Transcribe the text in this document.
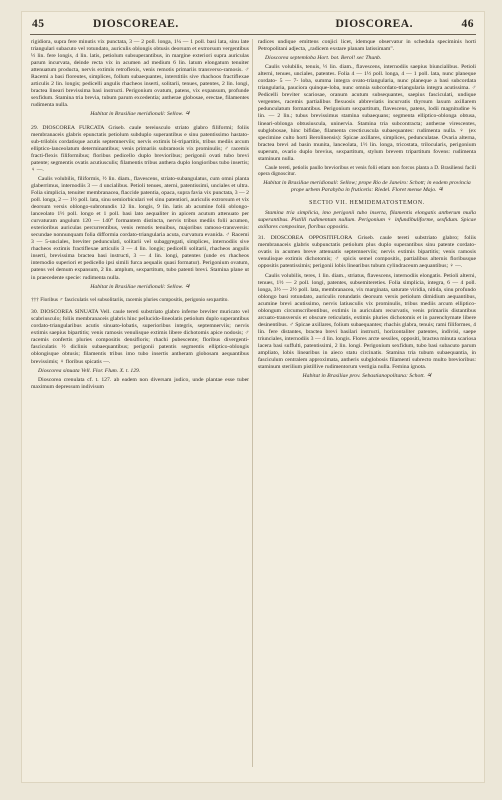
45	DIOSCOREAE.	DIOSCOREA.	46

rigidiora, supra fere minutis vix punctata, 3 — 2 poll. longa, 1¼ — 1 poll. basi lata, sinu late triangulari subacuto vel rotundato, auriculis oblongis obtusis deorsum et extrorsum vergentibus ½ lin. fere longis, 4 lin. latis, petiolum subsuperantibus, in margine exteriori supra auriculas parum incurvata, deinde recta vix in acumen ad medium 6 lin. latum elongatum tenuiter attenuatum producta, nervis extimis retroflexis, venis remotis primariis transverso-ramosis. ♂ Racemi a basi floreutes, simplices, follum subaequantes, interstitiis sive rhachoos fractiflexae articulis 2 lin. longis; pedicelli angulis rhacheos inserti, solitarii, tenues, patentes, 2 lin. longi, bractea lineari brevissima basi instructi. Perigonium ovatum, patens, vix expansum, profunde sexfidum. Stamina tria brevia, tubum parum excedentia; antherae globosae, erectae, filamentes rudimenta nulla.

Habitat in Brasiliae meridionali: Sellow. ♃

29. DIOSCOREA FURCATA Griseb. caule tereiusculo striato glabro filiformi; foliis membranaceis glabris epunctatis petiolum subduplo superantibus e sinu patentissimo hastato-sub-trilobis cordatisque acutis septemnerviis; nervis extimis bi-tripartitis, tribus mediis arcum elliptico-lanceolatum determinantibus; venis primariis subramosis vix prominulis; ♂ racemis fracti-flexis filiformibus; floribus pedicello duplo brevioribus; perigonii ovati tubo brevi patente; segmentis ovatis acutiusculis; filamentis tribus anthera duplo longioribus tubo insertis; ♀ —.

Caulis volubilis, filiformis, ½ lin. diam., flavescens, striato-subangulatus, cum omni planta glaberrimus, internodiis 3 — 4 uncialibus. Petioli tenues, aterni, patentissimi, unciales et ultra. Folia simplicia, tenuiter membranacea, flaccide patentia, opaca, supra favia vix punctata, 3 — 2 poll. longa, 2 — 1½ poll. lata, sinu semiorbiculari vel sinu patentiori, auriculis extrorsum et vix deorsum versis oblongo-subrotundis 12 lin. longis, 9 lin. latis ab acumine folii oblongo-lanceolato 1½ poll. longo et 1 poll. basi lato aequaliter in apicem acutum attenuato per curvaturam angulum 120 — 140° formantem distincta, nervis tribus mediis folii acumen, exterioribus auriculas percurrentibus, venis remotis tenuibus, majoribus ramoso-transversis: secundae nonnunquam folia difformia cordato-triangularia acuta, curvatura evanida. ♂ Racemi 3 — 5-unciales, breviter pedunculati, solitarii vel subaggregati, simplices, internodiis sive rhacheos extimis fractiflexae articulis 3 — 4 lin. longis; pedicelli solitarii, rhacheos angulis inserti, brevissima bractea basi instructi, 3 — 4 lin. longi, patentes (unde ex rhacheos internodio superiori et pedicello ipsi simili furca aequalis quasi formatur). Perigonium ovatum, patens vel demum expansum, 2 lin. amplum, sexpartitum, tubo patenti brevi. Stamina plane ut in praecedente specie: rudimenta nulla.

Habitat in Brasiliae meridionali: Sellow. ♃

††† Floribus ♂ fasciculatis vel subsolitariis, racemis pluries compositis, perigonio sexpartito.

30. DIOSCOREA SINUATA Vell. caule tereti substriato glabro inferne breviter muricato vel scabriusculo; foliis membranaceis glabris hinc pellucido-lineolatis petiolum duplo superantibus cordato-triangularibus acutis sinuato-lobatis, superioribus integris, septemnerviis; nervis extimis saepius bipartitis; venis ramosis venulisque extimis libere dichotomis apice nodosis; ♂ racemis confertis pluries compositis densifloris; rhachi pubescente; floribus divergenti-fasciculatis ½ diclinis subaequantibus; perigonii patentis segmentis elliptico-oblongis oblongisque obtusis; filamentis tribus imo tubo insertis antheram globosam aequantibus brevissimis; ♀ floribus spicatis —.

Dioscorea sinuata Vell. Flor. Flum. X. t. 129.

Dioscorea crenulata cf. t. 127. ab eadem non diversam judico, unde plantae esse tuber maximum depressum indivisum

radices undique emittens conjici licet, idemque observatur in schedula speciminis horti Petropolitani adjecta, „radicem exstare planam latissimam".

Dioscorea septemloba Hort. bot. Berol! sec Thunb.

Caulis volubilis, tenuis, ½ lin. diam., flavescens, internodiis saepius biuncialibus. Petioli alterni, tenues, unciales, patentes. Folia 4 — 1½ poll. longa, 4 — 1 poll. lata, nunc planeque cordato- 5 — 7- loba, summa integra ovato-triangularia, nunc planeque a basi subcordata triangularia, pauciora quinque-loba, nunc omnia subcordato-triangularia integra acutissima. ♂ Pedicelli breviter scariosae, oranum acutum subsequantes, saepius fasciculati, undique vergentes, racemis partialibus flexuosis abbreviatis incurvatis thyrsum laxum axillarem pedunculatum formantibus. Perigonium sexpartitum, flavescens, patens, lodii magnitudine ¾ lin. — 2 lin.; tubus brevissimus stamina subaequans; segmenta elliptico-oblonga obtusa, lineari-oblonga obtusiuscula, uninervia. Stamina tria subcontracta; antherae virescentes, subglobosae, hinc bifidae, filamenta crecticuscula subaequantes: rudimenta nulla. ♀ (ex speciminе culto horti Berolinensis): Spicae axillares, simplices, pedunculatae. Ovaria alterna, bractea brevi ad basin munita, lanceolata, 1½ lin. longa, tricostata, trilocularis, perigonium superum, ovario duplo brevius, sexpartitum, stylum brevem tripartitum fovens: rudimenta staminum nulla.

Caule tereti, petiolis paullo brevioribus et venis folii etiam non forcos planta a D. Brasiliensi facili opera dignoscitur.

Habitat in Brasiliae meridionali: Sellow; prope Rio de Janeiro: Schott; in eodem provincia prope urbem Parahyba in fruticetis: Riedel. Floret mense Majo. ♃

SECTIO VII. HEMIDEMATOSTEMON.

Stamina tria simplicia, imo perigonii tubo inserta, filamentis elongatis antherum mulla superantibus. Pistilli rudimentum nullum. Perigonium ♀ infundibuliforme, sexfidum. Spicae axillares compositae, floribus oppositis.

31. DIOSCOREA OPPOSITIFLORA Griseb. caule tereti substriato glabro; foliis membranaceis glabris subpunctatis petiolum plus duplo superantibus sinu patente cordato-ovatis in acumen breve attenuatis septemnerviis; nervis extimis bipartitis; venis ramosis venulisque extimis dichotomis; ♂ spicis semel compositis, partialibus alternis floribusque oppositis patentissimis; perigonii lobis linearibus tubum cylindraceum aequantibus; ♀ —.

Caulis volubilis, teres, 1 lin. diam., striatus, flavescens, internodiis elongatis. Petioli alterni, tenues, 1½ — 2 poll. longi, patentes, subsemitereties. Folia simplicia, integra, 6 — 4 poll. longa, 3½ — 2½ poll. lata, membranacea, vix marginata, saturate viridia, nitida, sinu profundo oblongo basi rotundato, auriculis rotundatis deorsum versis petiolum dimidium aequantibus, acumine brevi acutissimo, nervis latiusculis vix prominulis, tribus mediis arcum elliptico-oblongum circumscribentibus, extimis in auriculam recurvatis, venis primariis distantibus arcuato-transversis et obscure reticulatis, extimis pluries dichotomis et in parenchymate libere desinentibus. ♂ Spicae axillares, folium subaequantes; rhachis glabra, tenuis; rami filiformes, 4 lin. fere distantes, bractea brevi basilari instructi, horizontaliter patentes, indivisi, saepe triunciales, internodiis 3 — 4 lin. longis. Flores arcte sessiles, oppositi, bractea minuta scariosa lacera basi suffulti, patentissimi, 2 lin. longi. Perigonium sexfidum, tubo basi subacuto parum ampliato, lobis linearibus in aieco statu circinatis. Stamina tria tubum subaequantia, in fasciculum centralem approximata, antheris subglobosis filamenti subrecto multo brevioribus: staminum sterilium pistillive rudimentorum vestigia nulla. Femina ignota.

Habitat in Brasiliae prov. Sebastianopolitana: Schott. ♃
